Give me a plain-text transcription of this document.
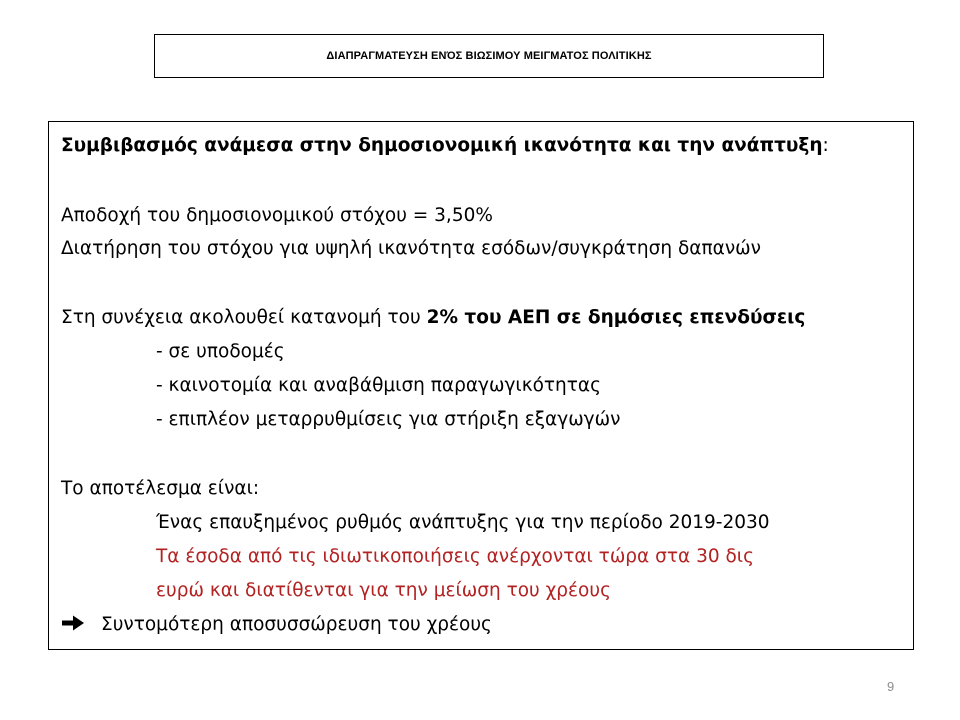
ΔΙΑΠΡΑΓΜΑΤΕΥΣΗ ΕΝΌΣ ΒΙΩΣΙΜΟΥ ΜΕΙΓΜΑΤΟΣ ΠΟΛΙΤΙΚΗΣ
Συμβιβασμός ανάμεσα στην δημοσιονομική ικανότητα και την ανάπτυξη:
Αποδοχή του δημοσιονομικού στόχου = 3,50%
Διατήρηση του στόχου για υψηλή ικανότητα εσόδων/συγκράτηση δαπανών
Στη συνέχεια ακολουθεί κατανομή του 2% του ΑΕΠ σε δημόσιες επενδύσεις
- σε υποδομές
- καινοτομία και αναβάθμιση παραγωγικότητας
- επιπλέον μεταρρυθμίσεις για στήριξη εξαγωγών
Το αποτέλεσμα είναι:
Ένας επαυξημένος ρυθμός ανάπτυξης για την περίοδο 2019-2030
Τα έσοδα από τις ιδιωτικοποιήσεις ανέρχονται τώρα στα 30 δις
ευρώ και διατίθενται για την μείωση του χρέους
Συντομότερη αποσυσσώρευση του χρέους
9
